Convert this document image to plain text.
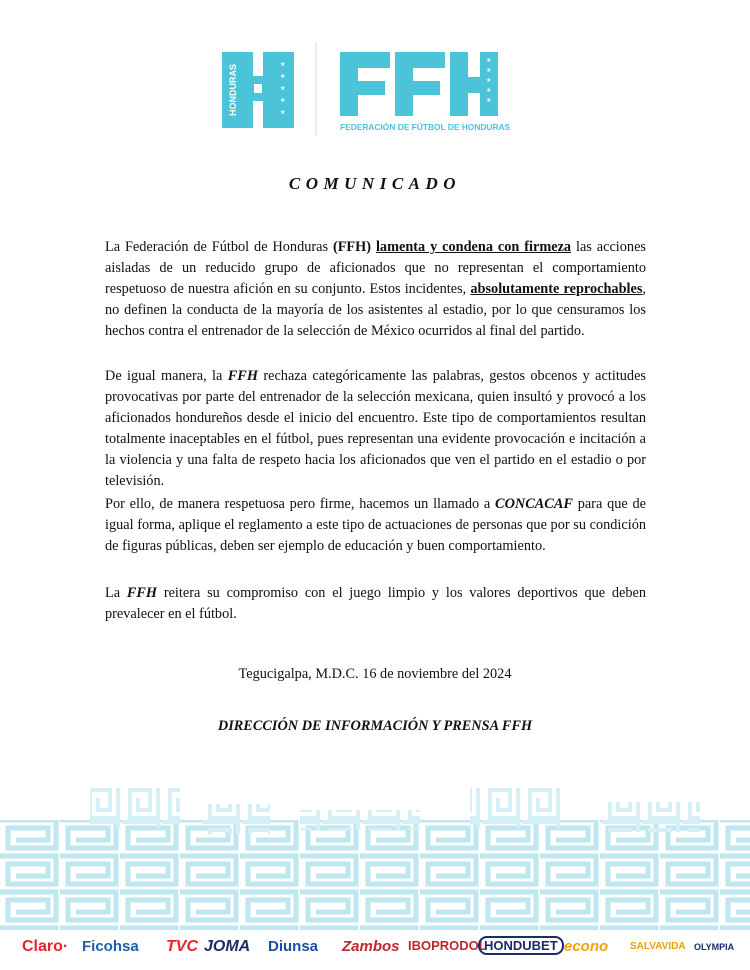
HONDURAS	★
★
★
★
★
★
★
★
★
★
FEDERACIÓN DE FÚTBOL DE HONDURAS
COMUNICADO

La Federación de Fútbol de Honduras (FFH) lamenta y condena con firmeza las acciones aisladas de un reducido grupo de aficionados que no representan el comportamiento respetuoso de nuestra afición en su conjunto. Estos incidentes, absolutamente reprochables, no definen la conducta de la mayoría de los asistentes al estadio, por lo que censuramos los hechos contra el entrenador de la selección de México ocurridos al final del partido.

De igual manera, la FFH rechaza categóricamente las palabras, gestos obcenos y actitudes provocativas por parte del entrenador de la selección mexicana, quien insultó y provocó a los aficionados hondureños desde el inicio del encuentro. Este tipo de comportamientos resultan totalmente inaceptables en el fútbol, pues representan una evidente provocación e incitación a la violencia y una falta de respeto hacia los aficionados que ven el partido en el estadio o por televisión.

Por ello, de manera respetuosa pero firme, hacemos un llamado a CONCACAF para que de igual forma, aplique el reglamento a este tipo de actuaciones de personas que por su condición de figuras públicas, deben ser ejemplo de educación y buen comportamiento.

La FFH reitera su compromiso con el juego limpio y los valores deportivos que deben prevalecer en el fútbol.

Tegucigalpa, M.D.C. 16 de noviembre del 2024
DIRECCIÓN DE INFORMACIÓN Y PRENSA FFH
Claro· Ficohsa TVC JOMA Diunsa Zambos IBOPRODOL
HONDUBET econo SALVAVIDA OLYMPIA
